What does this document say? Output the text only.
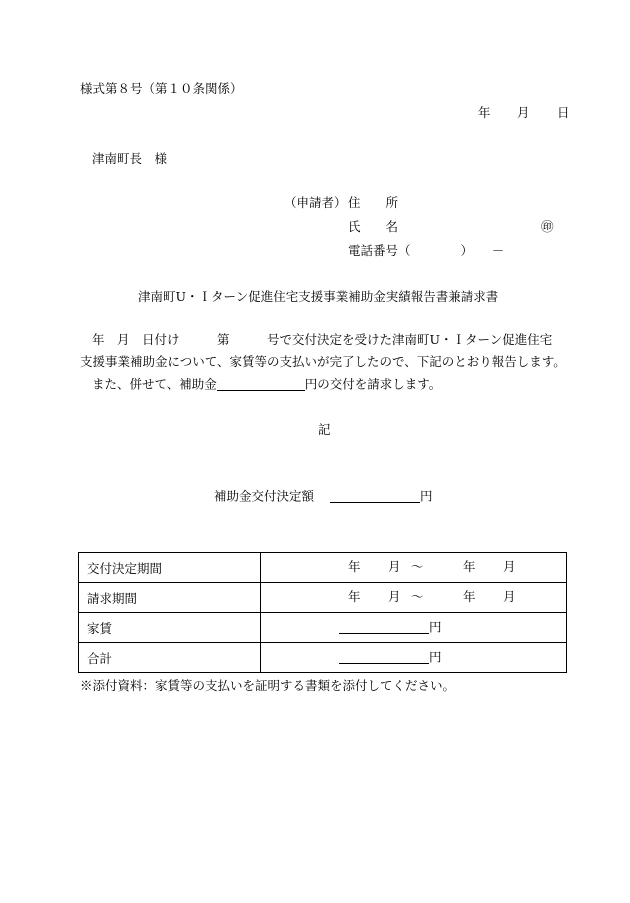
様式第８号（第１０条関係）
年 月 日
津南町長　様
（申請者） 住　　所
氏　　名	㊞
電話番号（　　　　）　　－
津南町U・Ｉターン促進住宅支援事業補助金実績報告書兼請求書
年　月　日付け　　　第　　　号で交付決定を受けた津南町U・Ｉターン促進住宅
支援事業補助金について、家賃等の支払いが完了したので、下記のとおり報告します。
また、併せて、補助金	円の交付を請求します。
記
補助金交付決定額	円
交付決定期間	年 月 ～ 年 月

請求期間	年 月 ～ 年 月

家賃	円

合計	円
※添付資料：家賃等の支払いを証明する書類を添付してください。
